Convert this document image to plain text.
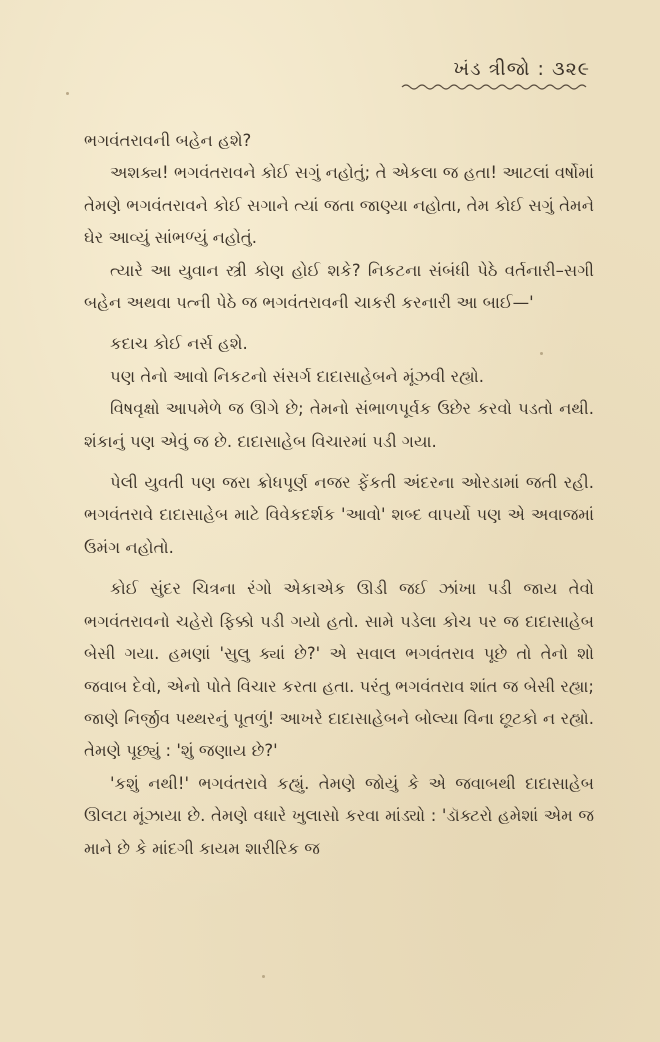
ખંડ ત્રીજો : ૩૨૯

ભગવંતરાવની બહેન હશે?

અશક્ય! ભગવંતરાવને કોઈ સગું નહોતું; તે એકલા જ હતા! આટલાં વર્ષોમાં તેમણે ભગવંતરાવને કોઈ સગાને ત્યાં જતા જાણ્યા નહોતા, તેમ કોઈ સગું તેમને ઘેર આવ્યું સાંભળ્યું નહોતું.

ત્યારે આ યુવાન સ્ત્રી કોણ હોઈ શકે? નિકટના સંબંધી પેઠે વર્તનારી–સગી બહેન અથવા પત્ની પેઠે જ ભગવંતરાવની ચાકરી કરનારી આ બાઈ—'

કદાચ કોઈ નર્સ હશે.

પણ તેનો આવો નિકટનો સંસર્ગ દાદાસાહેબને મૂંઝવી રહ્યો.

વિષવૃક્ષો આપમેળે જ ઊગે છે; તેમનો સંભાળપૂર્વક ઉછેર કરવો પડતો નથી. શંકાનું પણ એવું જ છે. દાદાસાહેબ વિચારમાં પડી ગયા.

પેલી યુવતી પણ જરા ક્રોધપૂર્ણ નજર ફેંકતી અંદરના ઓરડામાં જતી રહી. ભગવંતરાવે દાદાસાહેબ માટે વિવેકદર્શક 'આવો' શબ્દ વાપર્યો પણ એ અવાજમાં ઉમંગ નહોતો.

કોઈ સુંદર ચિત્રના રંગો એકાએક ઊડી જઈ ઝાંખા પડી જાય તેવો ભગવંતરાવનો ચહેરો ફિક્કો પડી ગયો હતો. સામે પડેલા કોચ પર જ દાદાસાહેબ બેસી ગયા. હમણાં 'સુલુ ક્યાં છે?' એ સવાલ ભગવંતરાવ પૂછે તો તેનો શો જવાબ દેવો, એનો પોતે વિચાર કરતા હતા. પરંતુ ભગવંતરાવ શાંત જ બેસી રહ્યા; જાણે નિર્જીવ પથ્થરનું પૂતળું! આખરે દાદાસાહેબને બોલ્યા વિના છૂટકો ન રહ્યો. તેમણે પૂછ્યું : 'શું જણાય છે?'

'કશું નથી!' ભગવંતરાવે કહ્યું. તેમણે જોયું કે એ જવાબથી દાદાસાહેબ ઊલટા મૂંઝાયા છે. તેમણે વધારે ખુલાસો કરવા માંડ્યો : 'ડૉક્ટરો હમેશાં એમ જ માને છે કે માંદગી કાયમ શારીરિક જ
